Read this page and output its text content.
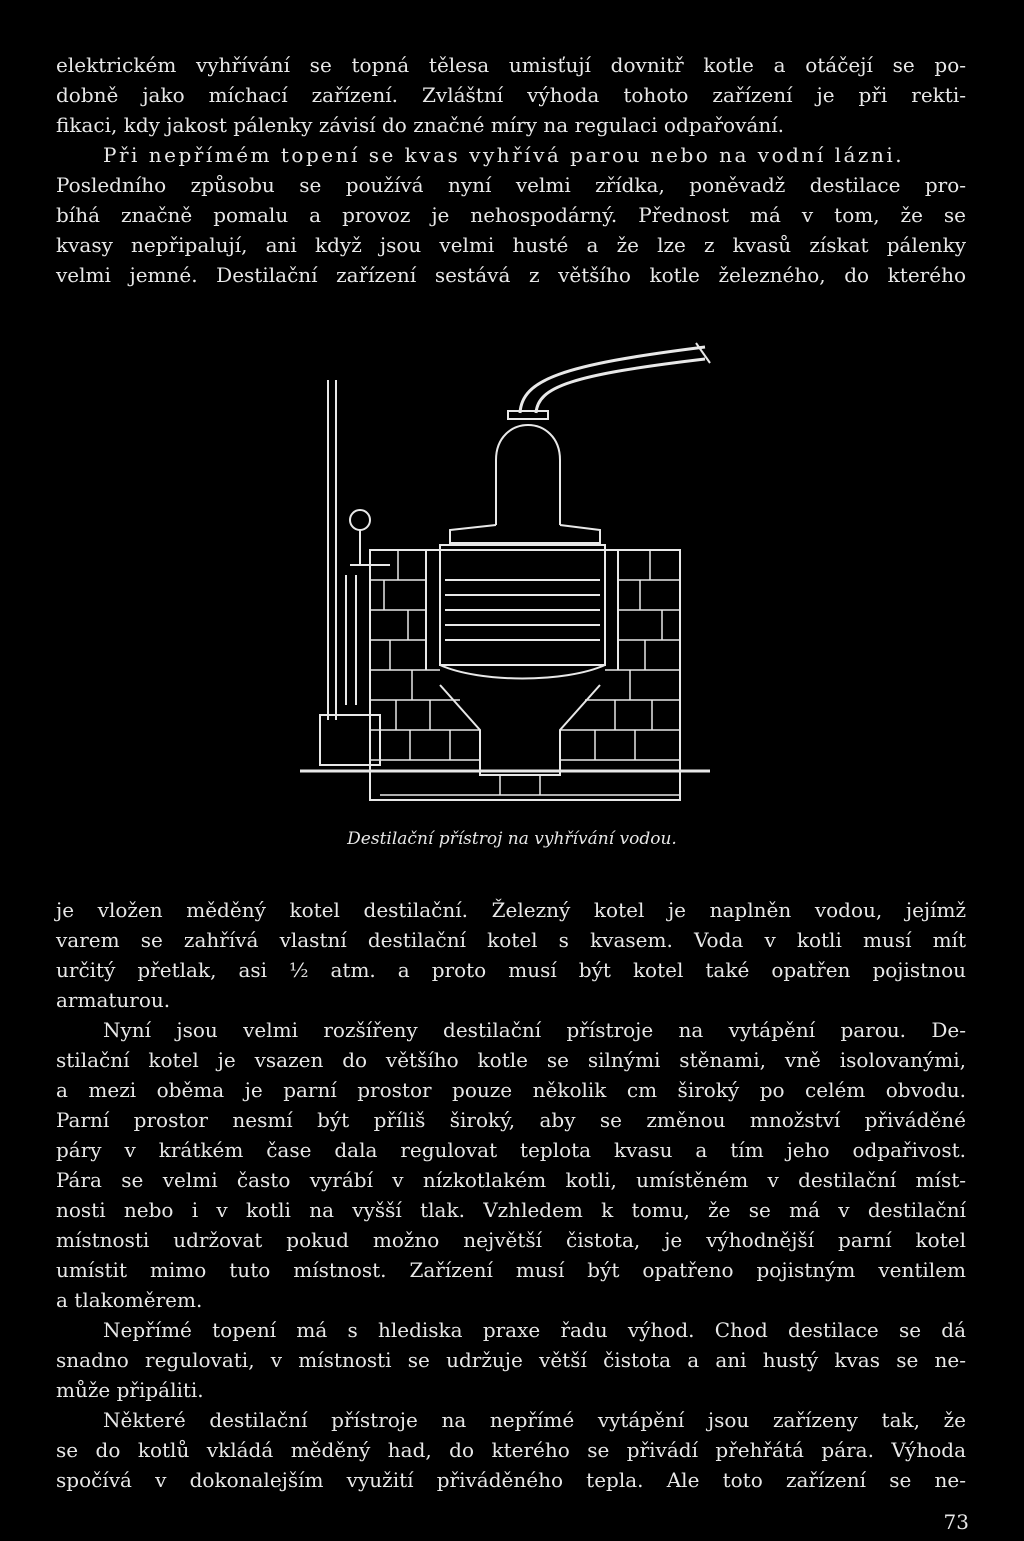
elektrickém vyhřívání se topná tělesa umisťují dovnitř kotle a otáčejí se po-
dobně jako míchací zařízení. Zvláštní výhoda tohoto zařízení je při rekti-
fikaci, kdy jakost pálenky závisí do značné míry na regulaci odpařování.
Při nepřímém topení se kvas vyhřívá parou nebo na vodní lázni.
Posledního způsobu se používá nyní velmi zřídka, poněvadž destilace pro-
bíhá značně pomalu a provoz je nehospodárný. Přednost má v tom, že se
kvasy nepřipalují, ani když jsou velmi husté a že lze z kvasů získat pálenky
velmi jemné. Destilační zařízení sestává z většího kotle železného, do kterého
Destilační přístroj na vyhřívání vodou.
je vložen měděný kotel destilační. Železný kotel je naplněn vodou, jejímž
varem se zahřívá vlastní destilační kotel s kvasem. Voda v kotli musí mít
určitý přetlak, asi ½ atm. a proto musí být kotel také opatřen pojistnou
armaturou.
Nyní jsou velmi rozšířeny destilační přístroje na vytápění parou. De-
stilační kotel je vsazen do většího kotle se silnými stěnami, vně isolovanými,
a mezi oběma je parní prostor pouze několik cm široký po celém obvodu.
Parní prostor nesmí být příliš široký, aby se změnou množství přiváděné
páry v krátkém čase dala regulovat teplota kvasu a tím jeho odpařivost.
Pára se velmi často vyrábí v nízkotlakém kotli, umístěném v destilační míst-
nosti nebo i v kotli na vyšší tlak. Vzhledem k tomu, že se má v destilační
místnosti udržovat pokud možno největší čistota, je výhodnější parní kotel
umístit mimo tuto místnost. Zařízení musí být opatřeno pojistným ventilem
a tlakoměrem.
Nepřímé topení má s hlediska praxe řadu výhod. Chod destilace se dá
snadno regulovati, v místnosti se udržuje větší čistota a ani hustý kvas se ne-
může připáliti.
Některé destilační přístroje na nepřímé vytápění jsou zařízeny tak, že
se do kotlů vkládá měděný had, do kterého se přivádí přehřátá pára. Výhoda
spočívá v dokonalejším využití přiváděného tepla. Ale toto zařízení se ne-
73
